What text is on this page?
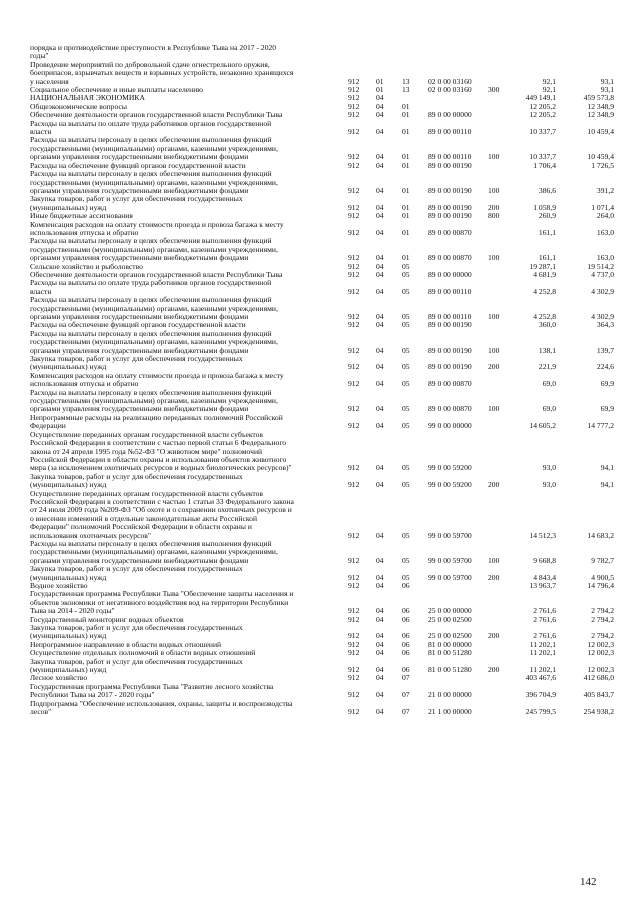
порядка и противодействие преступности в Республике Тыва на 2017 - 2020
годы"
Проведение мероприятий по добровольной сдаче огнестрельного оружия,
боеприпасов, взрывчатых веществ и взрывных устройств, незаконно хранящихся
у населения	912	01	13	02 0 00 03160	92,1	93,1
Социальное обеспечение и иные выплаты населению	912	01	13	02 0 00 03160	300	92,1	93,1
НАЦИОНАЛЬНАЯ ЭКОНОМИКА	912	04	449 149,1	459 573,8
Общеэкономические вопросы	912	04	01	12 205,2	12 348,9
Обеспечение деятельности органов государственной власти Республики Тыва	912	04	01	89 0 00 00000	12 205,2	12 348,9
Расходы на выплаты по оплате труда работников органов государственной
власти	912	04	01	89 0 00 00110	10 337,7	10 459,4
Расходы на выплаты персоналу в целях обеспечения выполнения функций
государственными (муниципальными) органами, казенными учреждениями,
органами управления государственными внебюджетными фондами	912	04	01	89 0 00 00110	100	10 337,7	10 459,4
Расходы на обеспечение функций органов государственной власти	912	04	01	89 0 00 00190	1 706,4	1 726,5
Расходы на выплаты персоналу в целях обеспечения выполнения функций
государственными (муниципальными) органами, казенными учреждениями,
органами управления государственными внебюджетными фондами	912	04	01	89 0 00 00190	100	386,6	391,2
Закупка товаров, работ и услуг для обеспечения государственных
(муниципальных) нужд	912	04	01	89 0 00 00190	200	1 058,9	1 071,4
Иные бюджетные ассигнования	912	04	01	89 0 00 00190	800	260,9	264,0
Компенсация расходов на оплату стоимости проезда и провоза багажа к месту
использования отпуска и обратно	912	04	01	89 0 00 00870	161,1	163,0
Расходы на выплаты персоналу в целях обеспечения выполнения функций
государственными (муниципальными) органами, казенными учреждениями,
органами управления государственными внебюджетными фондами	912	04	01	89 0 00 00870	100	161,1	163,0
Сельское хозяйство и рыболовство	912	04	05	19 287,1	19 514,2
Обеспечение деятельности органов государственной власти Республики Тыва	912	04	05	89 0 00 00000	4 681,9	4 737,0
Расходы на выплаты по оплате труда работников органов государственной
власти	912	04	05	89 0 00 00110	4 252,8	4 302,9
Расходы на выплаты персоналу в целях обеспечения выполнения функций
государственными (муниципальными) органами, казенными учреждениями,
органами управления государственными внебюджетными фондами	912	04	05	89 0 00 00110	100	4 252,8	4 302,9
Расходы на обеспечение функций органов государственной власти	912	04	05	89 0 00 00190	360,0	364,3
Расходы на выплаты персоналу в целях обеспечения выполнения функций
государственными (муниципальными) органами, казенными учреждениями,
органами управления государственными внебюджетными фондами	912	04	05	89 0 00 00190	100	138,1	139,7
Закупка товаров, работ и услуг для обеспечения государственных
(муниципальных) нужд	912	04	05	89 0 00 00190	200	221,9	224,6
Компенсация расходов на оплату стоимости проезда и провоза багажа к месту
использования отпуска и обратно	912	04	05	89 0 00 00870	69,0	69,9
Расходы на выплаты персоналу в целях обеспечения выполнения функций
государственными (муниципальными) органами, казенными учреждениями,
органами управления государственными внебюджетными фондами	912	04	05	89 0 00 00870	100	69,0	69,9
Непрограммные расходы на реализацию переданных полномочий Российской
Федерации	912	04	05	99 0 00 00000	14 605,2	14 777,2
Осуществление переданных органам государственной власти субъектов
Российской Федерации в соответствии с частью первой статьи 6 Федерального
закона от 24 апреля 1995 года №52-ФЗ "О животном мире" полномочий
Российской Федерации в области охраны и использования объектов животного
мира (за исключением охотничьих ресурсов и водных биологических ресурсов)"	912	04	05	99 0 00 59200	93,0	94,1
Закупка товаров, работ и услуг для обеспечения государственных
(муниципальных) нужд	912	04	05	99 0 00 59200	200	93,0	94,1
Осуществление переданных органам государственной власти субъектов
Российской Федерации в соответствии с частью 1 статьи 33 Федерального закона
от 24 июля 2009 года №209-ФЗ "Об охоте и о сохранении охотничьих ресурсов и
о внесении изменений в отдельные законодательные акты Российской
Федерации" полномочий Российской Федерации в области охраны и
использования охотничьих ресурсов"	912	04	05	99 0 00 59700	14 512,3	14 683,2
Расходы на выплаты персоналу в целях обеспечения выполнения функций
государственными (муниципальными) органами, казенными учреждениями,
органами управления государственными внебюджетными фондами	912	04	05	99 0 00 59700	100	9 668,8	9 782,7
Закупка товаров, работ и услуг для обеспечения государственных
(муниципальных) нужд	912	04	05	99 0 00 59700	200	4 843,4	4 900,5
Водное хозяйство	912	04	06	13 963,7	14 796,4
Государственная программа Республики Тыва "Обеспечение защиты населения и
объектов экономики от негативного воздействия вод на территории Республики
Тыва на 2014 - 2020 годы"	912	04	06	25 0 00 00000	2 761,6	2 794,2
Государственный мониторинг водных объектов	912	04	06	25 0 00 02500	2 761,6	2 794,2
Закупка товаров, работ и услуг для обеспечения государственных
(муниципальных) нужд	912	04	06	25 0 00 02500	200	2 761,6	2 794,2
Непрограммное направление в области водных отношений	912	04	06	81 0 00 00000	11 202,1	12 002,3
Осуществление отдельных полномочий в области водных отношений	912	04	06	81 0 00 51280	11 202,1	12 002,3
Закупка товаров, работ и услуг для обеспечения государственных
(муниципальных) нужд	912	04	06	81 0 00 51280	200	11 202,1	12 002,3
Лесное хозяйство	912	04	07	403 467,6	412 686,0
Государственная программа Республики Тыва "Развитие лесного хозяйства
Республики Тыва на 2017 - 2020 годы"	912	04	07	21 0 00 00000	396 704,9	405 843,7
Подпрограмма "Обеспечение использования, охраны, защиты и воспроизводства
лесов"	912	04	07	21 1 00 00000	245 799,5	254 938,2
142
